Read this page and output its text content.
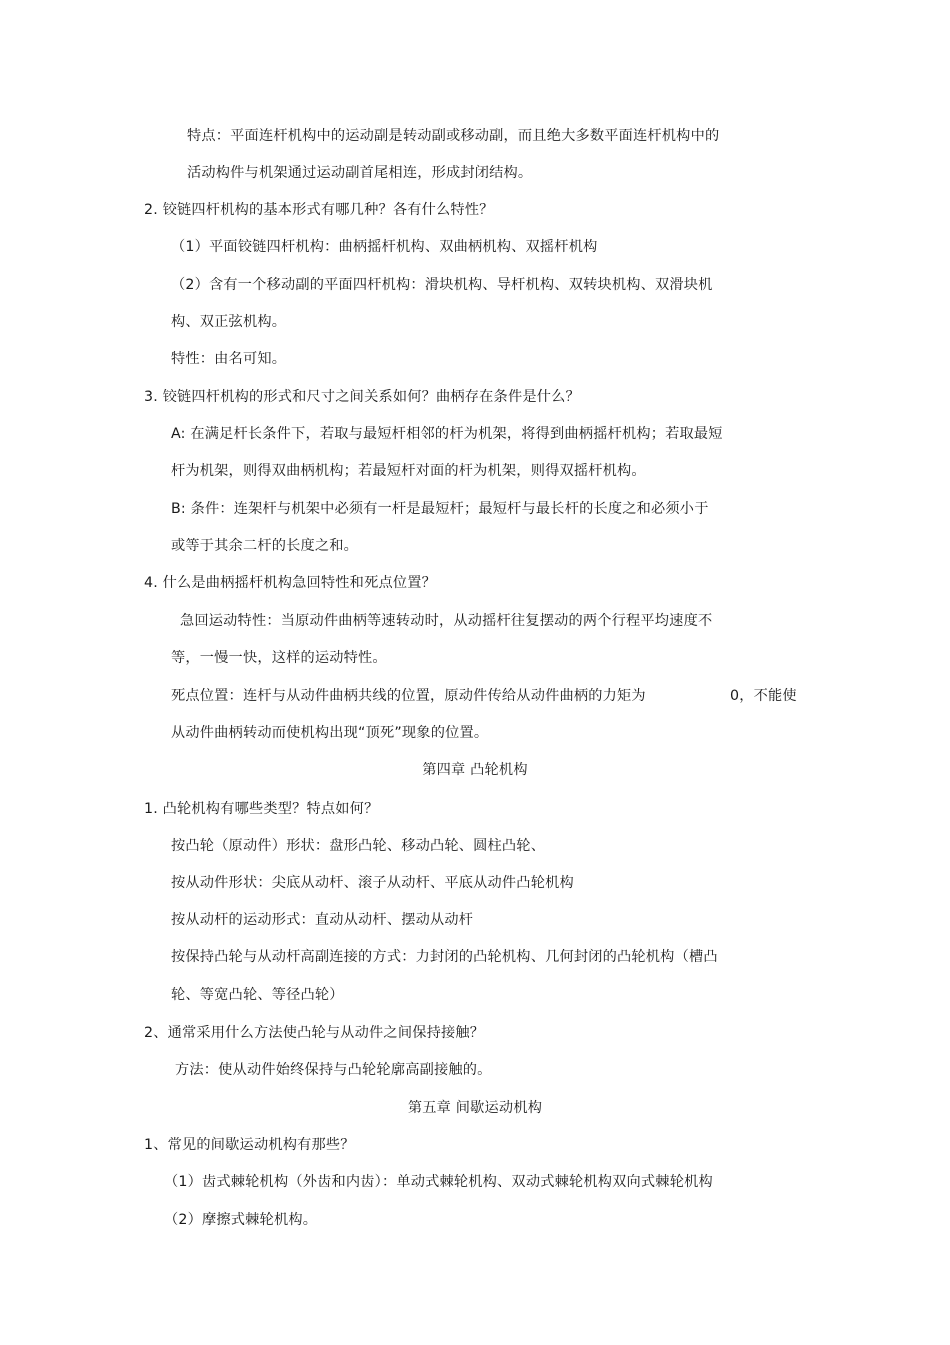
特点：平面连杆机构中的运动副是转动副或移动副，而且绝大多数平面连杆机构中的
活动构件与机架通过运动副首尾相连，形成封闭结构。
2. 铰链四杆机构的基本形式有哪几种？各有什么特性？
（1）平面铰链四杆机构：曲柄摇杆机构、双曲柄机构、双摇杆机构
（2）含有一个移动副的平面四杆机构：滑块机构、导杆机构、双转块机构、双滑块机
构、双正弦机构。
特性：由名可知。
3. 铰链四杆机构的形式和尺寸之间关系如何？曲柄存在条件是什么？
A: 在满足杆长条件下，若取与最短杆相邻的杆为机架，将得到曲柄摇杆机构；若取最短
杆为机架，则得双曲柄机构；若最短杆对面的杆为机架，则得双摇杆机构。
B: 条件：连架杆与机架中必须有一杆是最短杆；最短杆与最长杆的长度之和必须小于
或等于其余二杆的长度之和。
4. 什么是曲柄摇杆机构急回特性和死点位置？
急回运动特性：当原动件曲柄等速转动时，从动摇杆往复摆动的两个行程平均速度不
等，一慢一快，这样的运动特性。
死点位置：连杆与从动件曲柄共线的位置，原动件传给从动件曲柄的力矩为	0，不能使
从动件曲柄转动而使机构出现“顶死”现象的位置。
第四章 凸轮机构
1. 凸轮机构有哪些类型？特点如何？
按凸轮（原动件）形状：盘形凸轮、移动凸轮、圆柱凸轮、
按从动件形状：尖底从动杆、滚子从动杆、平底从动件凸轮机构
按从动杆的运动形式：直动从动杆、摆动从动杆
按保持凸轮与从动杆高副连接的方式：力封闭的凸轮机构、几何封闭的凸轮机构（槽凸
轮、等宽凸轮、等径凸轮）
2、通常采用什么方法使凸轮与从动件之间保持接触？
方法：使从动件始终保持与凸轮轮廓高副接触的。
第五章 间歇运动机构
1、常见的间歇运动机构有那些？
（1）齿式棘轮机构（外齿和内齿）：单动式棘轮机构、双动式棘轮机构双向式棘轮机构
（2）摩擦式棘轮机构。
